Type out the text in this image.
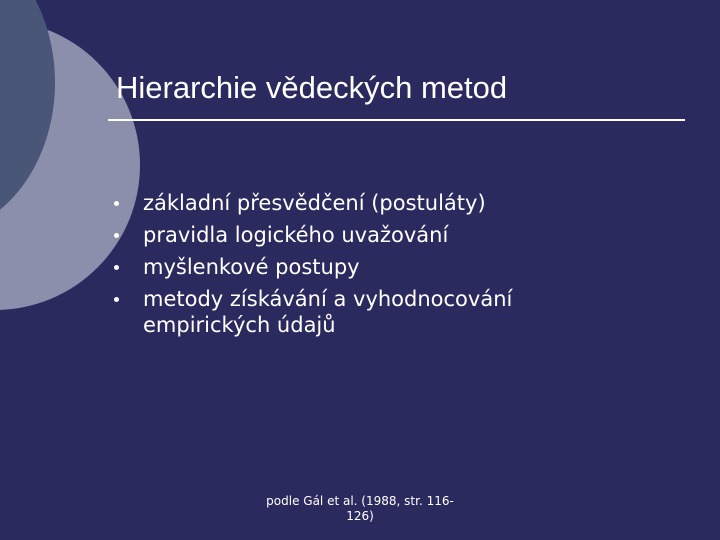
Hierarchie vědeckých metod
základní přesvědčení (postuláty)
pravidla logického uvažování
myšlenkové postupy
metody získávání a vyhodnocování
empirických údajů
podle Gál et al. (1988, str. 116-
126)
